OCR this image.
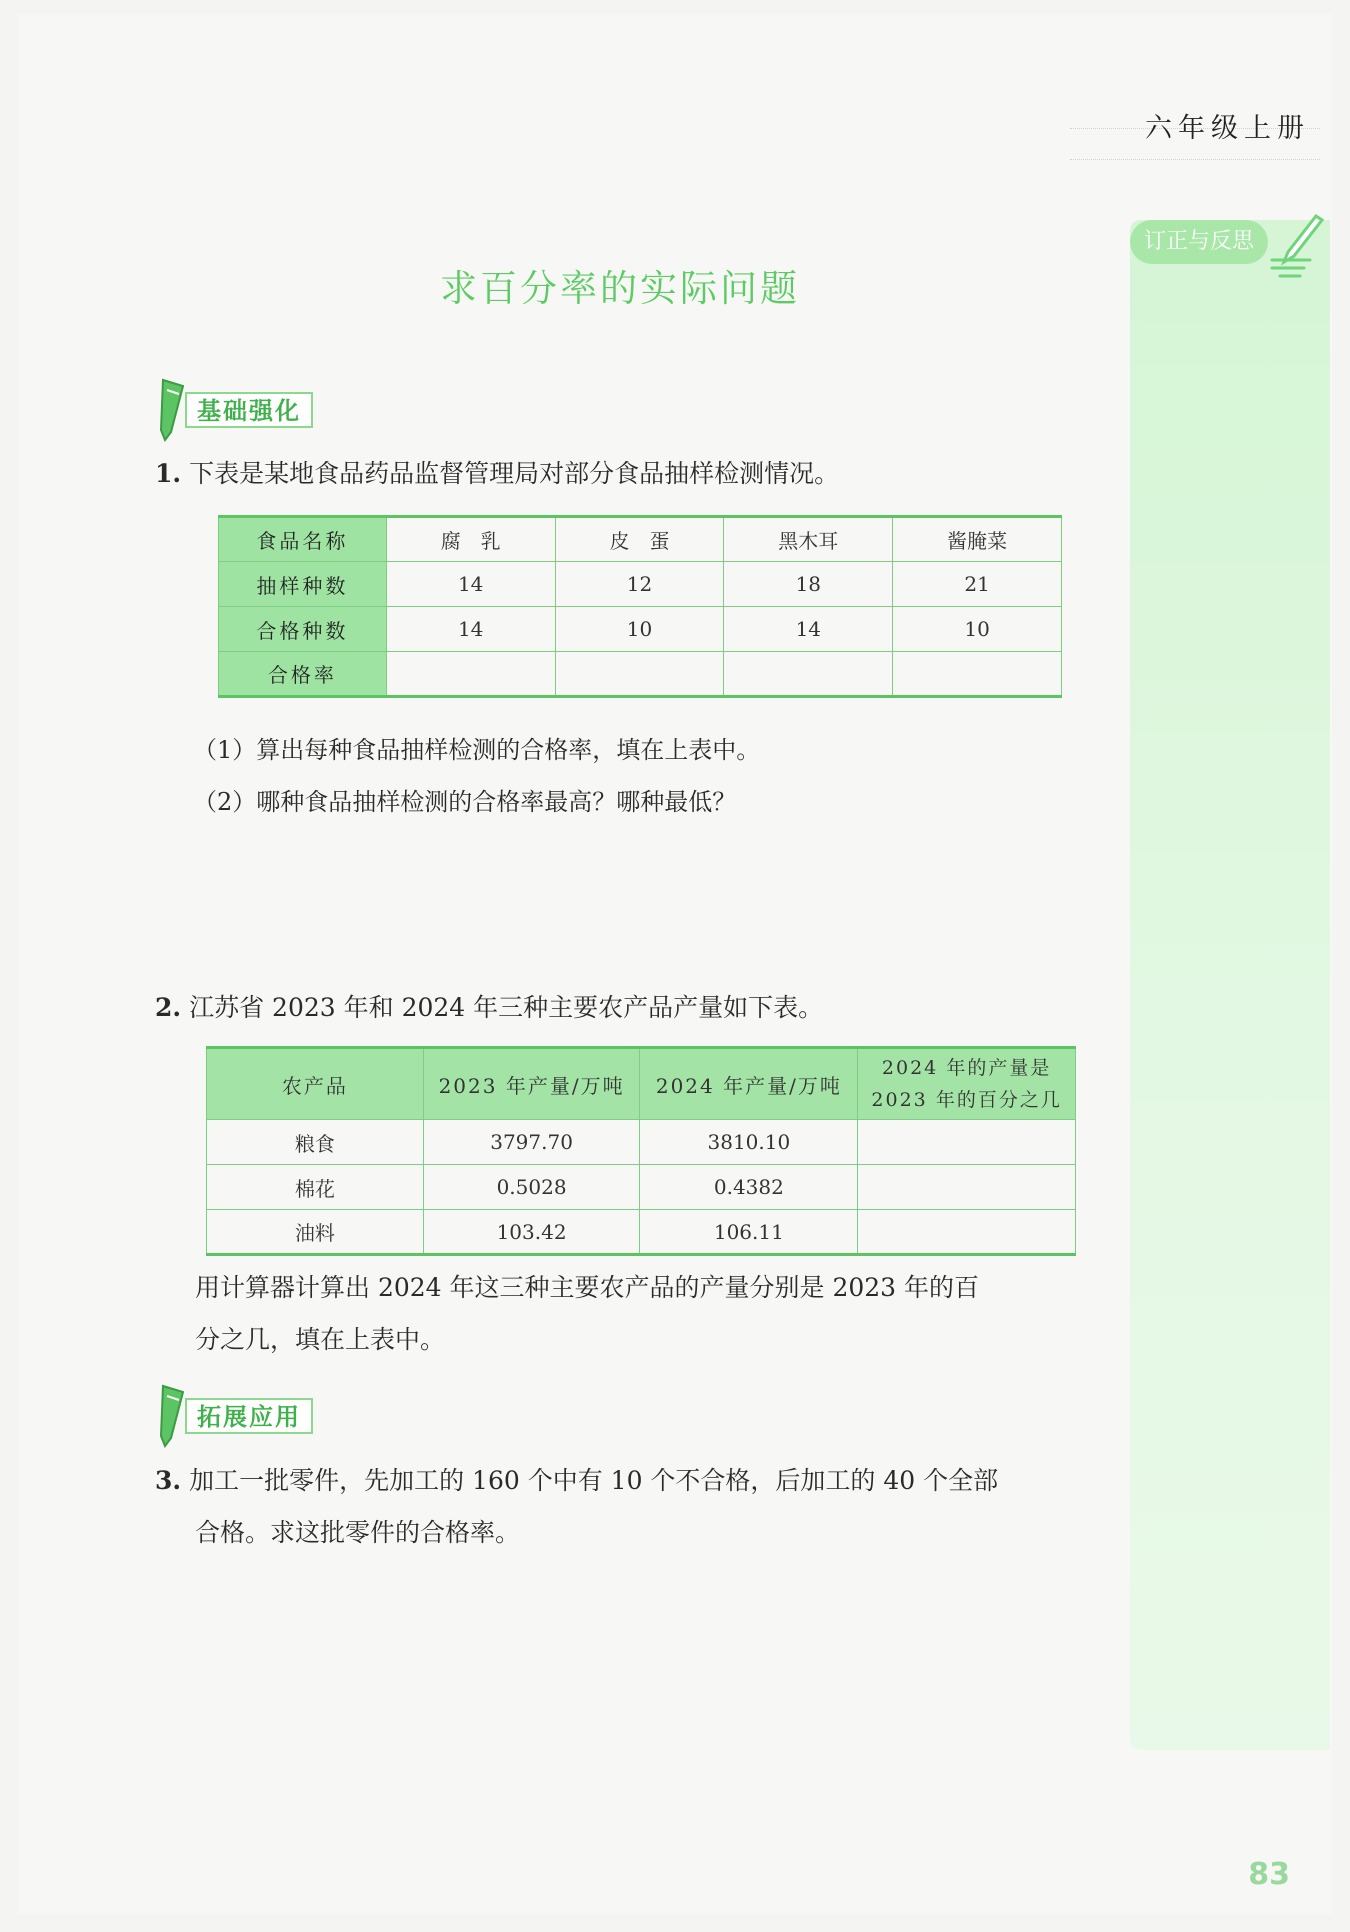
六年级上册
订正与反思
求百分率的实际问题
基础强化
1. 下表是某地食品药品监督管理局对部分食品抽样检测情况。
食品名称	腐　乳	皮　蛋	黑木耳	酱腌菜
抽样种数	14	12	18	21
合格种数	14	10	14	10
合格率				
（1）算出每种食品抽样检测的合格率，填在上表中。
（2）哪种食品抽样检测的合格率最高？哪种最低？
2. 江苏省 2023 年和 2024 年三种主要农产品产量如下表。
农产品	2023 年产量/万吨	2024 年产量/万吨	2024 年的产量是
2023 年的百分之几

粮食	3797.70	3810.10	
棉花	0.5028	0.4382	
油料	103.42	106.11	
用计算器计算出 2024 年这三种主要农产品的产量分别是 2023 年的百
分之几，填在上表中。
拓展应用
3. 加工一批零件，先加工的 160 个中有 10 个不合格，后加工的 40 个全部
合格。求这批零件的合格率。
83
